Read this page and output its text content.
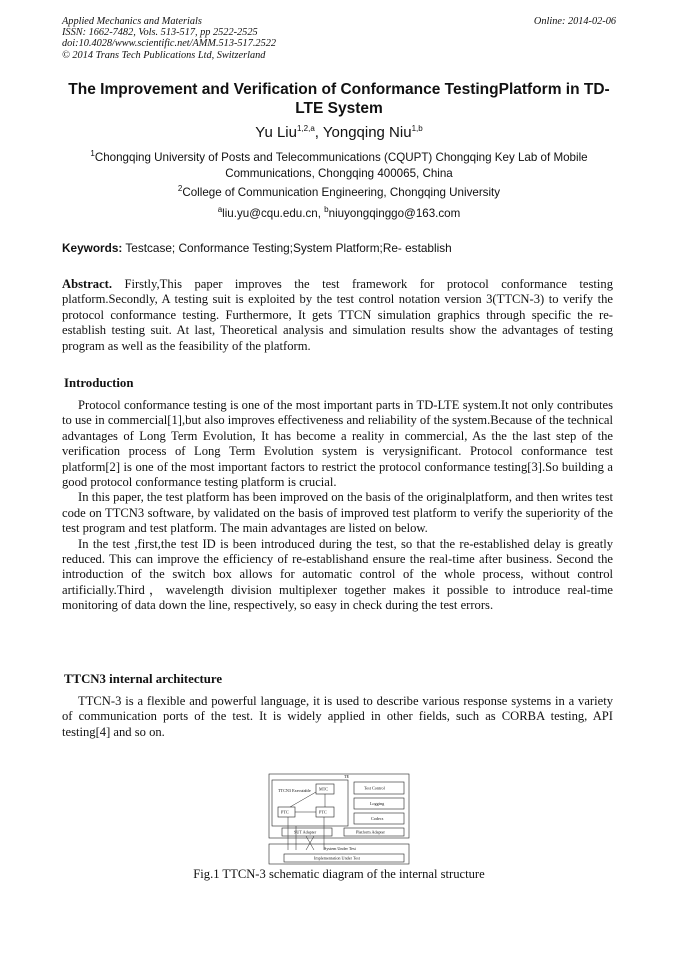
Applied Mechanics and Materials
ISSN: 1662-7482, Vols. 513-517, pp 2522-2525
doi:10.4028/www.scientific.net/AMM.513-517.2522
© 2014 Trans Tech Publications Ltd, Switzerland
Online: 2014-02-06
The Improvement and Verification of Conformance TestingPlatform in TD-LTE System
Yu Liu$^{1,2,a}$, Yongqing Niu$^{1,b}$
$^1$Chongqing University of Posts and Telecommunications (CQUPT) Chongqing Key Lab of Mobile Communications, Chongqing 400065, China
$^2$College of Communication Engineering, Chongqing University
$^a$liu.yu@cqu.edu.cn, $^b$niuyongqinggo@163.com
Keywords: Testcase; Conformance Testing;System Platform;Re- establish
Abstract. Firstly,This paper improves the test framework for protocol conformance testing platform.Secondly, A testing suit is exploited by the test control notation version 3(TTCN-3) to verify the protocol conformance testing. Furthermore, It gets TTCN simulation graphics through specific the re-establish testing suit. At last, Theoretical analysis and simulation results show the advantages of testing program as well as the feasibility of the platform.
Introduction

Protocol conformance testing is one of the most important parts in TD-LTE system.It not only contributes to use in commercial[1],but also improves effectiveness and reliability of the system.Because of the technical advantages of Long Term Evolution, It has become a reality in commercial, As the the last step of the verification process of Long Term Evolution system is verysignificant. Protocol conformance test platform[2] is one of the most important factors to restrict the protocol conformance testing[3].So building a good protocol conformance testing platform is crucial.

In this paper, the test platform has been improved on the basis of the originalplatform, and then writes test code on TTCN3 software, by validated on the basis of improved test platform to verify the superiority of the test program and test platform. The main advantages are listed on below.

In the test ,first,the test ID is been introduced during the test, so that the re-established delay is greatly reduced. This can improve the efficiency of re-establishand ensure the real-time after business. Second the introduction of the switch box allows for automatic control of the whole process, without control artificially.Third，wavelength division multiplexer together makes it possible to introduce real-time monitoring of data down the line, respectively, so easy in check during the test errors.

TTCN3 internal architecture

TTCN-3 is a flexible and powerful language, it is used to describe various response systems in a variety of communication ports of the test. It is widely applied in other fields, such as CORBA testing, API testing[4] and so on.

TE
TTCN3 Executable MTC
PTC	PTC
Test Control
Logging
Codecs
SUT Adapter	Platform Adapter
System Under Test
Implementation Under Test
Fig.1 TTCN-3 schematic diagram of the internal structure
